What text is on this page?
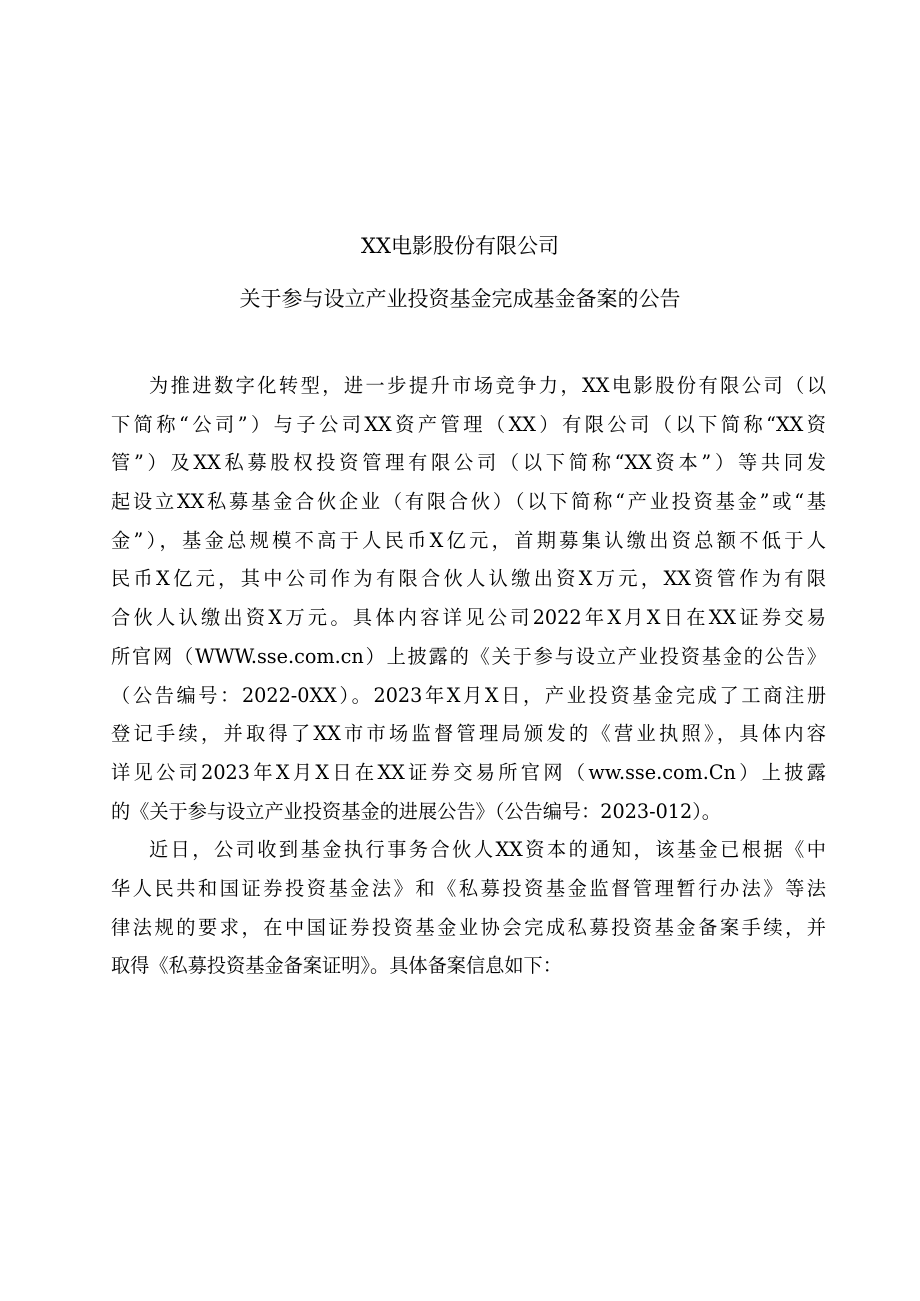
XX电影股份有限公司
关于参与设立产业投资基金完成基金备案的公告
为推进数字化转型，进一步提升市场竞争力，XX电影股份有限公司（以
下简称“公司”）与子公司XX资产管理（XX）有限公司（以下简称“XX资
管”）及XX私募股权投资管理有限公司（以下简称“XX资本”）等共同发
起设立XX私募基金合伙企业（有限合伙）（以下简称“产业投资基金”或“基
金”），基金总规模不高于人民币X亿元，首期募集认缴出资总额不低于人
民币X亿元，其中公司作为有限合伙人认缴出资X万元，XX资管作为有限
合伙人认缴出资X万元。具体内容详见公司2022年X月X日在XX证券交易
所官网（WWW.sse.com.cn）上披露的《关于参与设立产业投资基金的公告》
（公告编号：2022-0XX）。2023年X月X日，产业投资基金完成了工商注册
登记手续，并取得了XX市市场监督管理局颁发的《营业执照》，具体内容
详见公司2023年X月X日在XX证券交易所官网（ww.sse.com.Cn）上披露
的《关于参与设立产业投资基金的进展公告》（公告编号：2023-012）。
近日，公司收到基金执行事务合伙人XX资本的通知，该基金已根据《中
华人民共和国证券投资基金法》和《私募投资基金监督管理暂行办法》等法
律法规的要求，在中国证券投资基金业协会完成私募投资基金备案手续，并
取得《私募投资基金备案证明》。具体备案信息如下：
